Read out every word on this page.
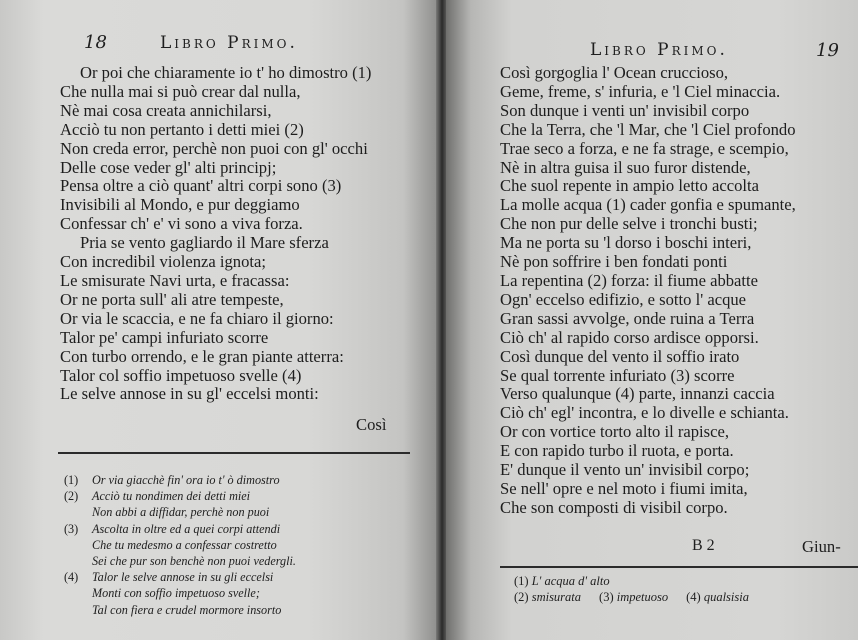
18	Libro Primo.
Or poi che chiaramente io t' ho dimostro (1)
Che nulla mai si può crear dal nulla,
Nè mai cosa creata annichilarsi,
Acciò tu non pertanto i detti miei (2)
Non creda error, perchè non puoi con gl' occhi
Delle cose veder gl' alti principj;
Pensa oltre a ciò quant' altri corpi sono (3)
Invisibili al Mondo, e pur deggiamo
Confessar ch' e' vi sono a viva forza.
Pria se vento gagliardo il Mare sferza
Con incredibil violenza ignota;
Le smisurate Navi urta, e fracassa:
Or ne porta sull' ali atre tempeste,
Or via le scaccia, e ne fa chiaro il giorno:
Talor pe' campi infuriato scorre
Con turbo orrendo, e le gran piante atterra:
Talor col soffio impetuoso svelle (4)
Le selve annose in su gl' eccelsi monti:
Così
(1) Or via giacchè fin' ora io t' ò dimostro
(2) Acciò tu nondimen dei detti miei
Non abbi a diffidar, perchè non puoi
(3) Ascolta in oltre ed a quei corpi attendi
Che tu medesmo a confessar costretto
Sei che pur son benchè non puoi vedergli.
(4) Talor le selve annose in su gli eccelsi
Monti con soffio impetuoso svelle;
Tal con fiera e crudel mormore insorto
Libro Primo.	19
Così gorgoglia l' Ocean cruccioso,
Geme, freme, s' infuria, e 'l Ciel minaccia.
Son dunque i venti un' invisibil corpo
Che la Terra, che 'l Mar, che 'l Ciel profondo
Trae seco a forza, e ne fa strage, e scempio,
Nè in altra guisa il suo furor distende,
Che suol repente in ampio letto accolta
La molle acqua (1) cader gonfia e spumante,
Che non pur delle selve i tronchi busti;
Ma ne porta su 'l dorso i boschi interi,
Nè pon soffrire i ben fondati ponti
La repentina (2) forza: il fiume abbatte
Ogn' eccelso edifizio, e sotto l' acque
Gran sassi avvolge, onde ruina a Terra
Ciò ch' al rapido corso ardisce opporsi.
Così dunque del vento il soffio irato
Se qual torrente infuriato (3) scorre
Verso qualunque (4) parte, innanzi caccia
Ciò ch' egl' incontra, e lo divelle e schianta.
Or con vortice torto alto il rapisce,
E con rapido turbo il ruota, e porta.
E' dunque il vento un' invisibil corpo;
Se nell' opre e nel moto i fiumi imita,
Che son composti di visibil corpo.
B 2	Giun-
(1) L' acqua d' alto
(2) smisurata (3) impetuoso (4) qualsisia
